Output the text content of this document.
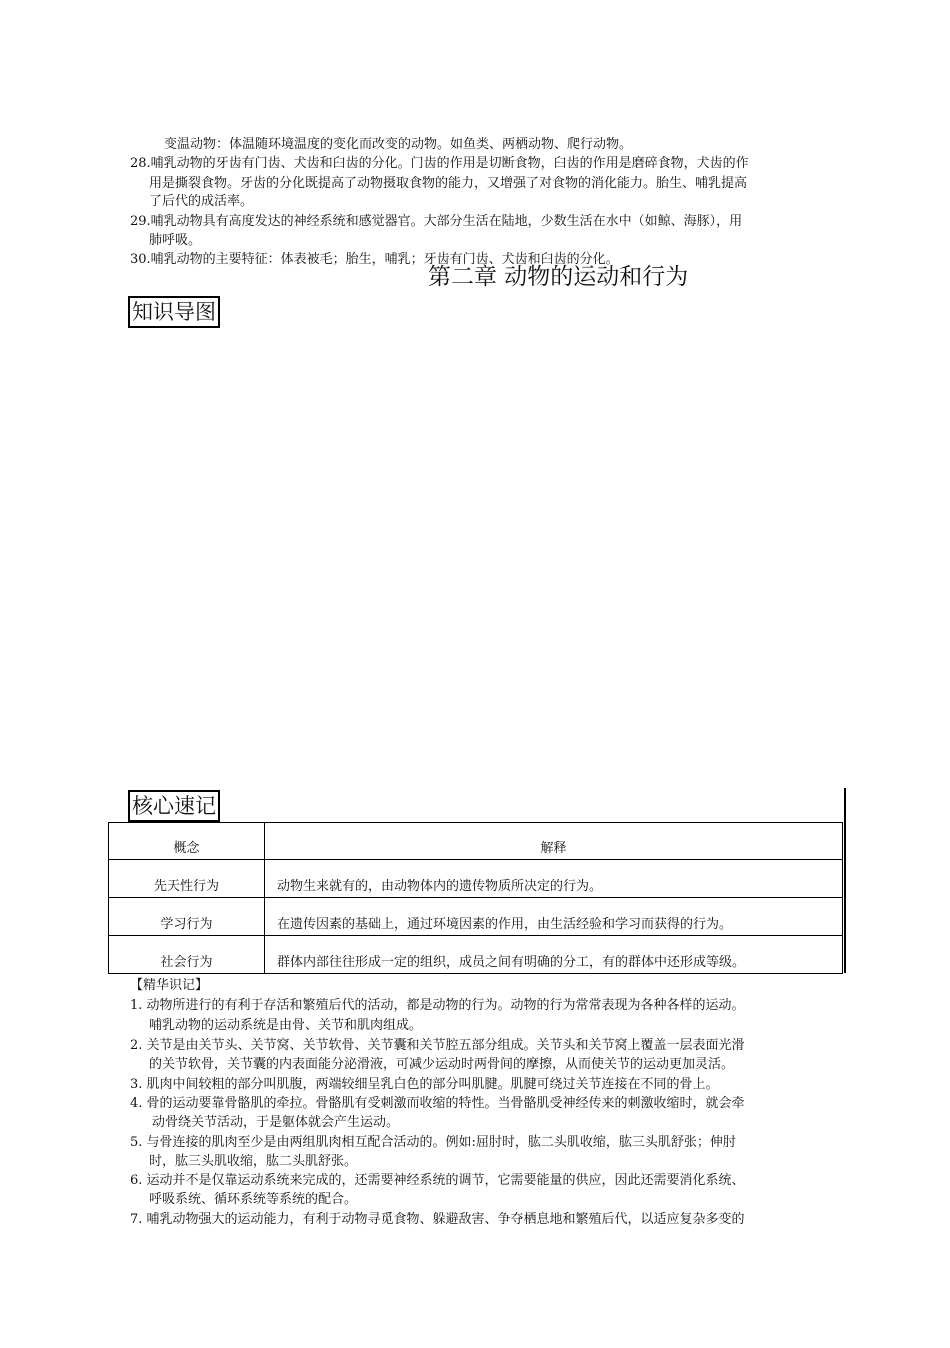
变温动物：体温随环境温度的变化而改变的动物。如鱼类、两栖动物、爬行动物。
28.哺乳动物的牙齿有门齿、犬齿和臼齿的分化。门齿的作用是切断食物，臼齿的作用是磨碎食物，犬齿的作
用是撕裂食物。牙齿的分化既提高了动物摄取食物的能力，又增强了对食物的消化能力。胎生、哺乳提高
了后代的成活率。
29.哺乳动物具有高度发达的神经系统和感觉器官。大部分生活在陆地，少数生活在水中（如鲸、海豚），用
肺呼吸。
30.哺乳动物的主要特征：体表被毛；胎生，哺乳；牙齿有门齿、犬齿和臼齿的分化。
第二章 动物的运动和行为
知识导图
核心速记
概念	解释
先天性行为	动物生来就有的，由动物体内的遗传物质所决定的行为。
学习行为	在遗传因素的基础上，通过环境因素的作用，由生活经验和学习而获得的行为。
社会行为	群体内部往往形成一定的组织，成员之间有明确的分工，有的群体中还形成等级。
【精华识记】
1. 动物所进行的有利于存活和繁殖后代的活动，都是动物的行为。动物的行为常常表现为各种各样的运动。
哺乳动物的运动系统是由骨、关节和肌肉组成。
2. 关节是由关节头、关节窝、关节软骨、关节囊和关节腔五部分组成。关节头和关节窝上覆盖一层表面光滑
的关节软骨，关节囊的内表面能分泌滑液，可减少运动时两骨间的摩擦，从而使关节的运动更加灵活。
3. 肌肉中间较粗的部分叫肌腹，两端较细呈乳白色的部分叫肌腱。肌腱可绕过关节连接在不同的骨上。
4. 骨的运动要靠骨骼肌的牵拉。骨骼肌有受刺激而收缩的特性。当骨骼肌受神经传来的刺激收缩时，就会牵
动骨绕关节活动，于是躯体就会产生运动。
5. 与骨连接的肌肉至少是由两组肌肉相互配合活动的。例如:屈肘时，肱二头肌收缩，肱三头肌舒张；伸肘
时，肱三头肌收缩，肱二头肌舒张。
6. 运动并不是仅靠运动系统来完成的，还需要神经系统的调节，它需要能量的供应，因此还需要消化系统、
呼吸系统、循环系统等系统的配合。
7. 哺乳动物强大的运动能力，有利于动物寻觅食物、躲避敌害、争夺栖息地和繁殖后代，以适应复杂多变的
